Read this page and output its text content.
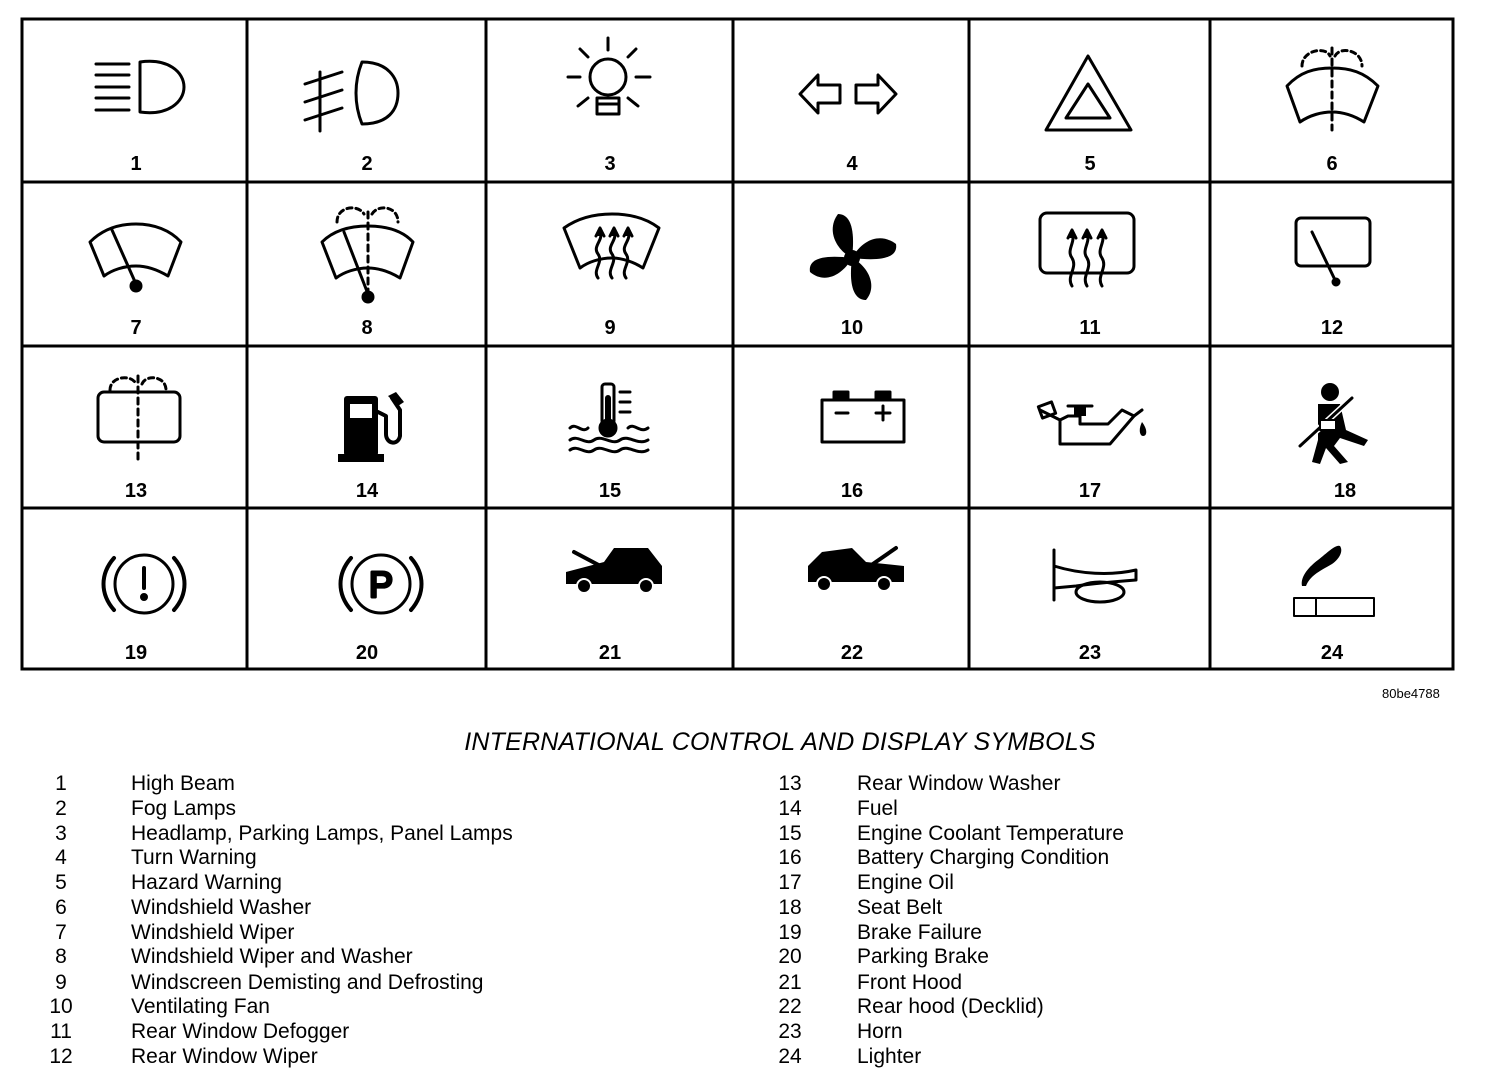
1	2	3	4	5	6
7	8	9	10	11	12
13	14	15	16	17	18
19	20	21	22	23	24
P
80be4788
INTERNATIONAL CONTROL AND DISPLAY SYMBOLS
1	High Beam
2	Fog Lamps
3	Headlamp, Parking Lamps, Panel Lamps
4	Turn Warning
5	Hazard Warning
6	Windshield Washer
7	Windshield Wiper
8	Windshield Wiper and Washer
9	Windscreen Demisting and Defrosting
10	Ventilating Fan
11	Rear Window Defogger
12	Rear Window Wiper
13	Rear Window Washer
14	Fuel
15	Engine Coolant Temperature
16	Battery Charging Condition
17	Engine Oil
18	Seat Belt
19	Brake Failure
20	Parking Brake
21	Front Hood
22	Rear hood (Decklid)
23	Horn
24	Lighter
